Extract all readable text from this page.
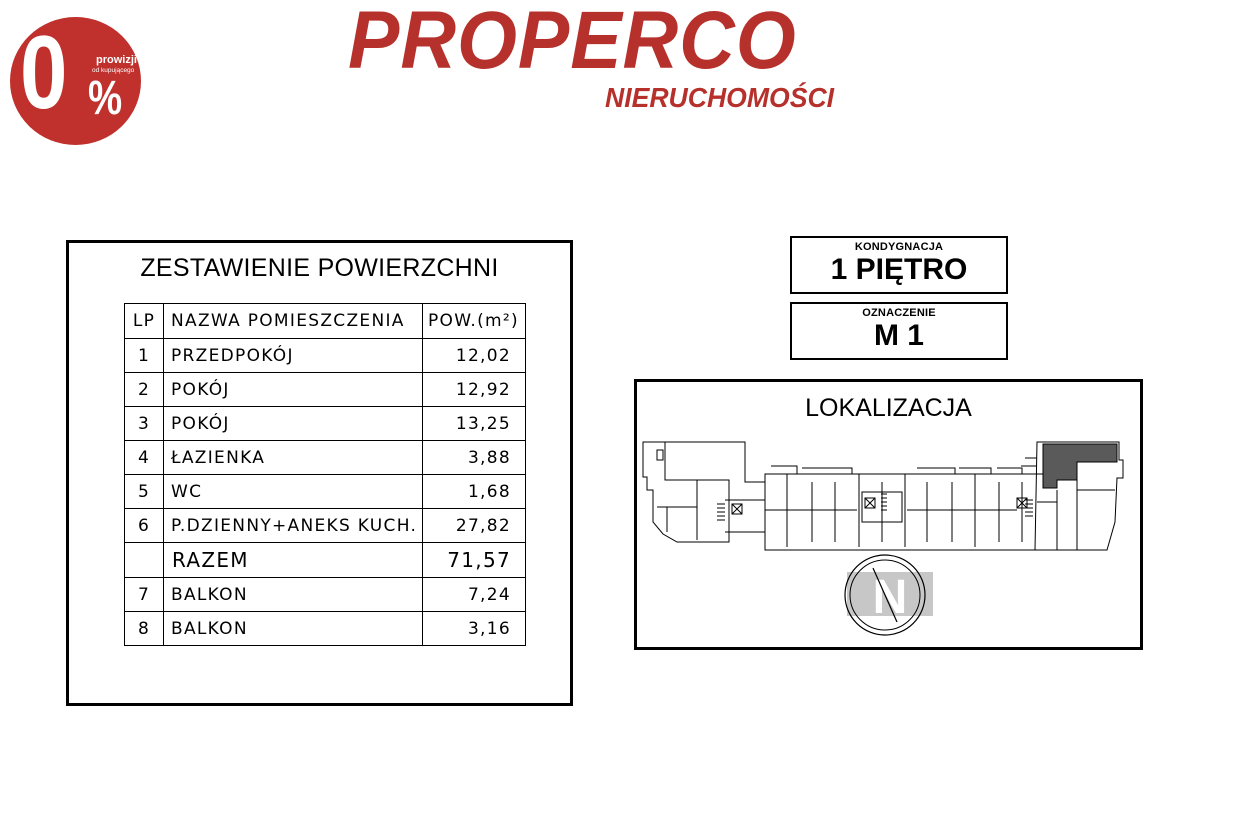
0	prowizji
od kupującego
%
PROPERCO
NIERUCHOMOŚCI
ZESTAWIENIE POWIERZCHNI
LP	NAZWA POMIESZCZENIA	POW.(m²)
1	PRZEDPOKÓJ	12,02
2	POKÓJ	12,92
3	POKÓJ	13,25
4	ŁAZIENKA	3,88
5	WC	1,68
6	P.DZIENNY+ANEKS KUCH.	27,82
	RAZEM	71,57
7	BALKON	7,24
8	BALKON	3,16
KONDYGNACJA
1 PIĘTRO
OZNACZENIE
M 1
LOKALIZACJA
N
